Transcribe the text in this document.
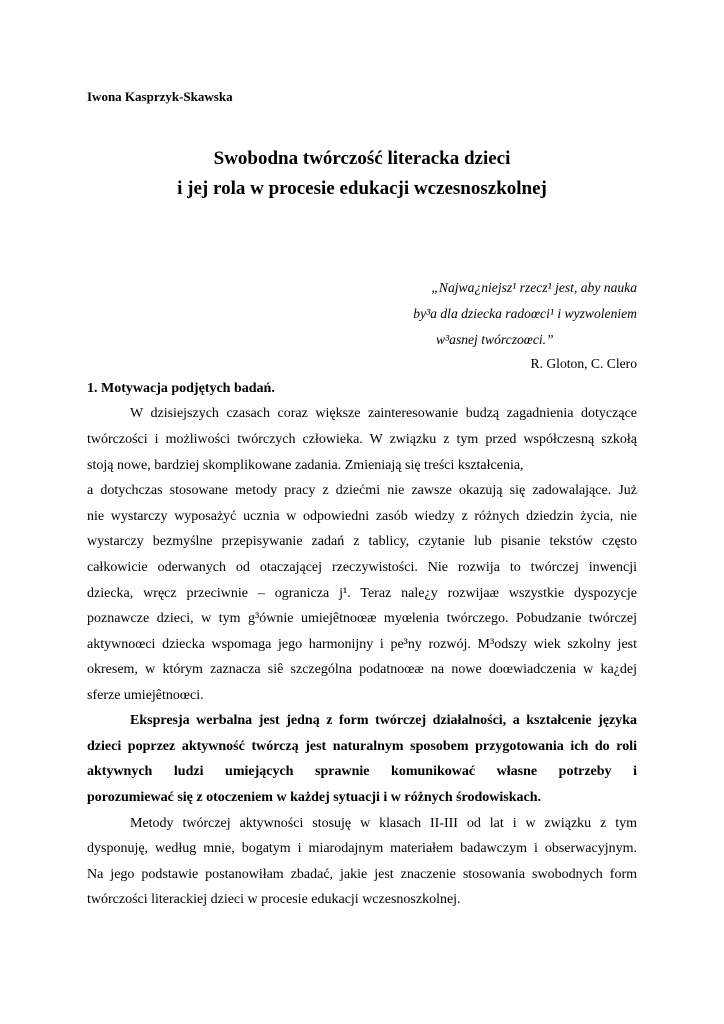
Iwona Kasprzyk-Skawska
Swobodna twórczość literacka dzieci
i jej rola w procesie edukacji wczesnoszkolnej
„Najwa¿niejsz¹ rzecz¹ jest, aby nauka
by³a dla dziecka radoœci¹ i wyzwoleniem
w³asnej twórczoœci.”
R. Gloton, C. Clero
1. Motywacja podjętych badań.
W dzisiejszych czasach coraz większe zainteresowanie budzą zagadnienia dotyczące
twórczości i możliwości twórczych człowieka. W związku z tym przed współczesną szkołą
stoją nowe, bardziej skomplikowane zadania. Zmieniają się treści kształcenia,
a dotychczas stosowane metody pracy z dziećmi nie zawsze okazują się zadowalające. Już
nie wystarczy wyposażyć ucznia w odpowiedni zasób wiedzy z różnych dziedzin życia, nie
wystarczy bezmyślne przepisywanie zadań z tablicy, czytanie lub pisanie tekstów często
całkowicie oderwanych od otaczającej rzeczywistości. Nie rozwija to twórczej inwencji
dziecka, wręcz przeciwnie – ogranicza j¹. Teraz nale¿y rozwijaæ wszystkie dyspozycje
poznawcze dzieci, w tym g³ównie umiejêtnoœæ myœlenia twórczego. Pobudzanie twórczej
aktywnoœci dziecka wspomaga jego harmonijny i pe³ny rozwój. M³odszy wiek szkolny jest
okresem, w którym zaznacza siê szczególna podatnoœæ na nowe doœwiadczenia w ka¿dej
sferze umiejêtnoœci.
Ekspresja werbalna jest jedną z form twórczej działalności, a kształcenie języka
dzieci poprzez aktywność twórczą jest naturalnym sposobem przygotowania ich do roli
aktywnych ludzi umiejących sprawnie komunikować własne potrzeby i
porozumiewać się z otoczeniem w każdej sytuacji i w różnych środowiskach.
Metody twórczej aktywności stosuję w klasach II-III od lat i w związku z tym
dysponuję, według mnie, bogatym i miarodajnym materiałem badawczym i obserwacyjnym.
Na jego podstawie postanowiłam zbadać, jakie jest znaczenie stosowania swobodnych form
twórczości literackiej dzieci w procesie edukacji wczesnoszkolnej.
